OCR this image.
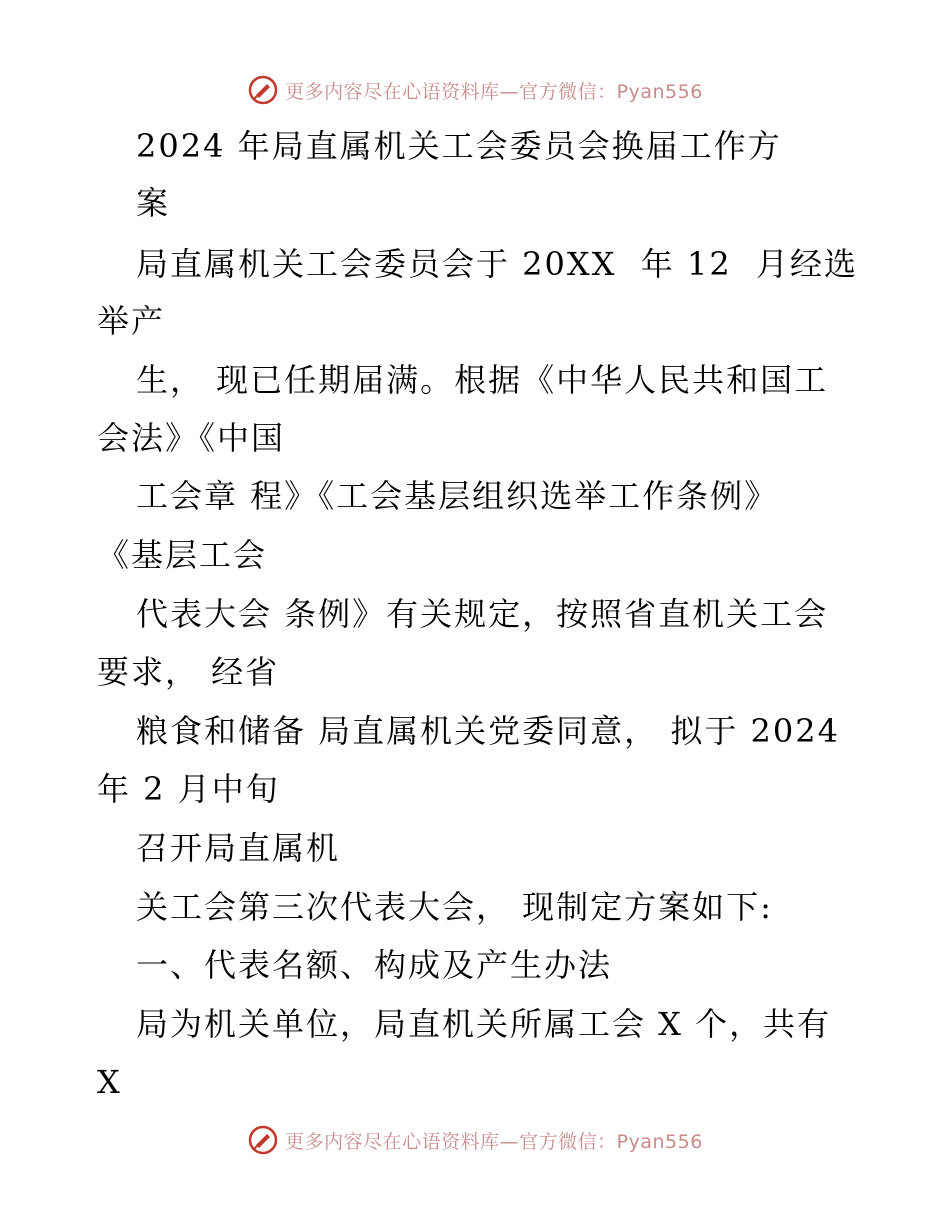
更多内容尽在心语资料库—官方微信：Pyan556
2024 年局直属机关工会委员会换届工作方
案
局直属机关工会委员会于 20XX  年 12  月经选
举产
生， 现已任期届满。根据《中华人民共和国工
会法》《中国
工会章 程》《工会基层组织选举工作条例》
《基层工会
代表大会 条例》有关规定，按照省直机关工会
要求， 经省
粮食和储备 局直属机关党委同意， 拟于 2024
年 2 月中旬
召开局直属机
关工会第三次代表大会， 现制定方案如下:
一、代表名额、构成及产生办法
局为机关单位，局直机关所属工会 X 个，共有
X
更多内容尽在心语资料库—官方微信：Pyan556
